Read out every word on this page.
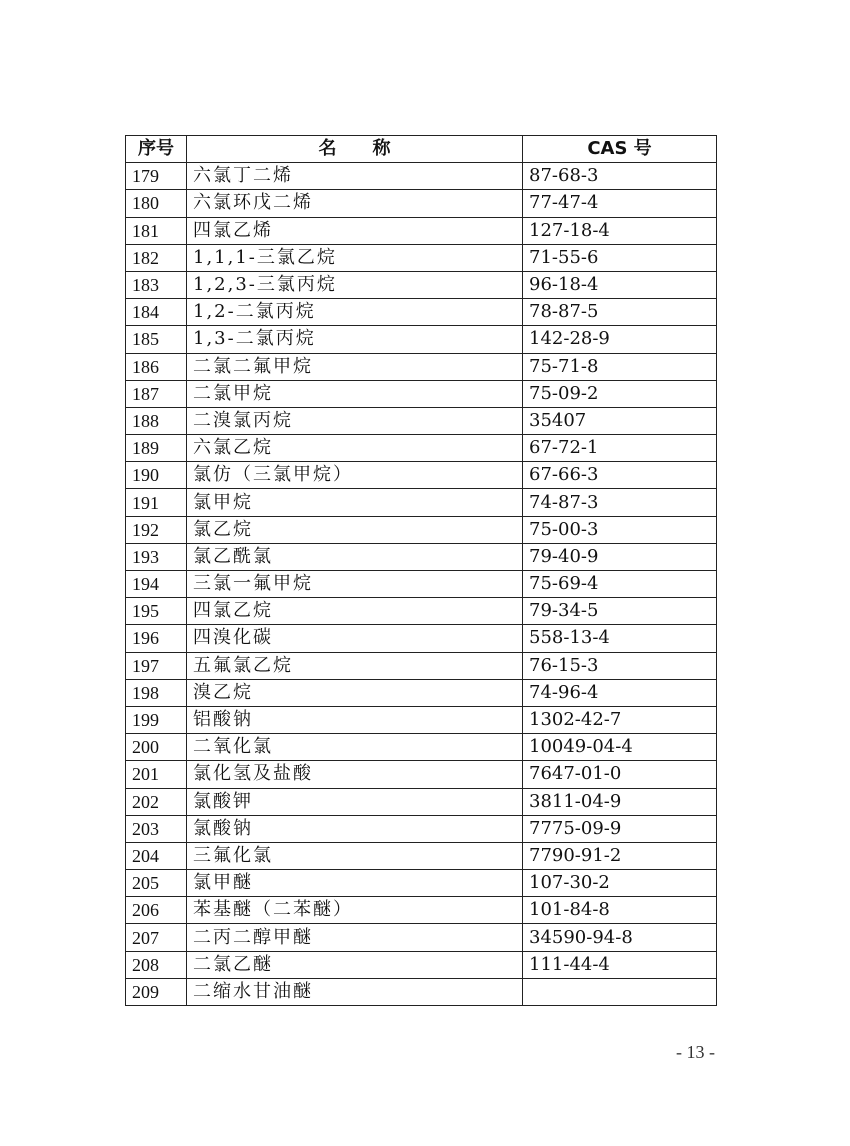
序号	名称	CAS 号
179	六氯丁二烯	87-68-3
180	六氯环戊二烯	77-47-4
181	四氯乙烯	127-18-4
182	1,1,1-三氯乙烷	71-55-6
183	1,2,3-三氯丙烷	96-18-4
184	1,2-二氯丙烷	78-87-5
185	1,3-二氯丙烷	142-28-9
186	二氯二氟甲烷	75-71-8
187	二氯甲烷	75-09-2
188	二溴氯丙烷	35407
189	六氯乙烷	67-72-1
190	氯仿（三氯甲烷）	67-66-3
191	氯甲烷	74-87-3
192	氯乙烷	75-00-3
193	氯乙酰氯	79-40-9
194	三氯一氟甲烷	75-69-4
195	四氯乙烷	79-34-5
196	四溴化碳	558-13-4
197	五氟氯乙烷	76-15-3
198	溴乙烷	74-96-4
199	铝酸钠	1302-42-7
200	二氧化氯	10049-04-4
201	氯化氢及盐酸	7647-01-0
202	氯酸钾	3811-04-9
203	氯酸钠	7775-09-9
204	三氟化氯	7790-91-2
205	氯甲醚	107-30-2
206	苯基醚（二苯醚）	101-84-8
207	二丙二醇甲醚	34590-94-8
208	二氯乙醚	111-44-4
209	二缩水甘油醚	
- 13 -
